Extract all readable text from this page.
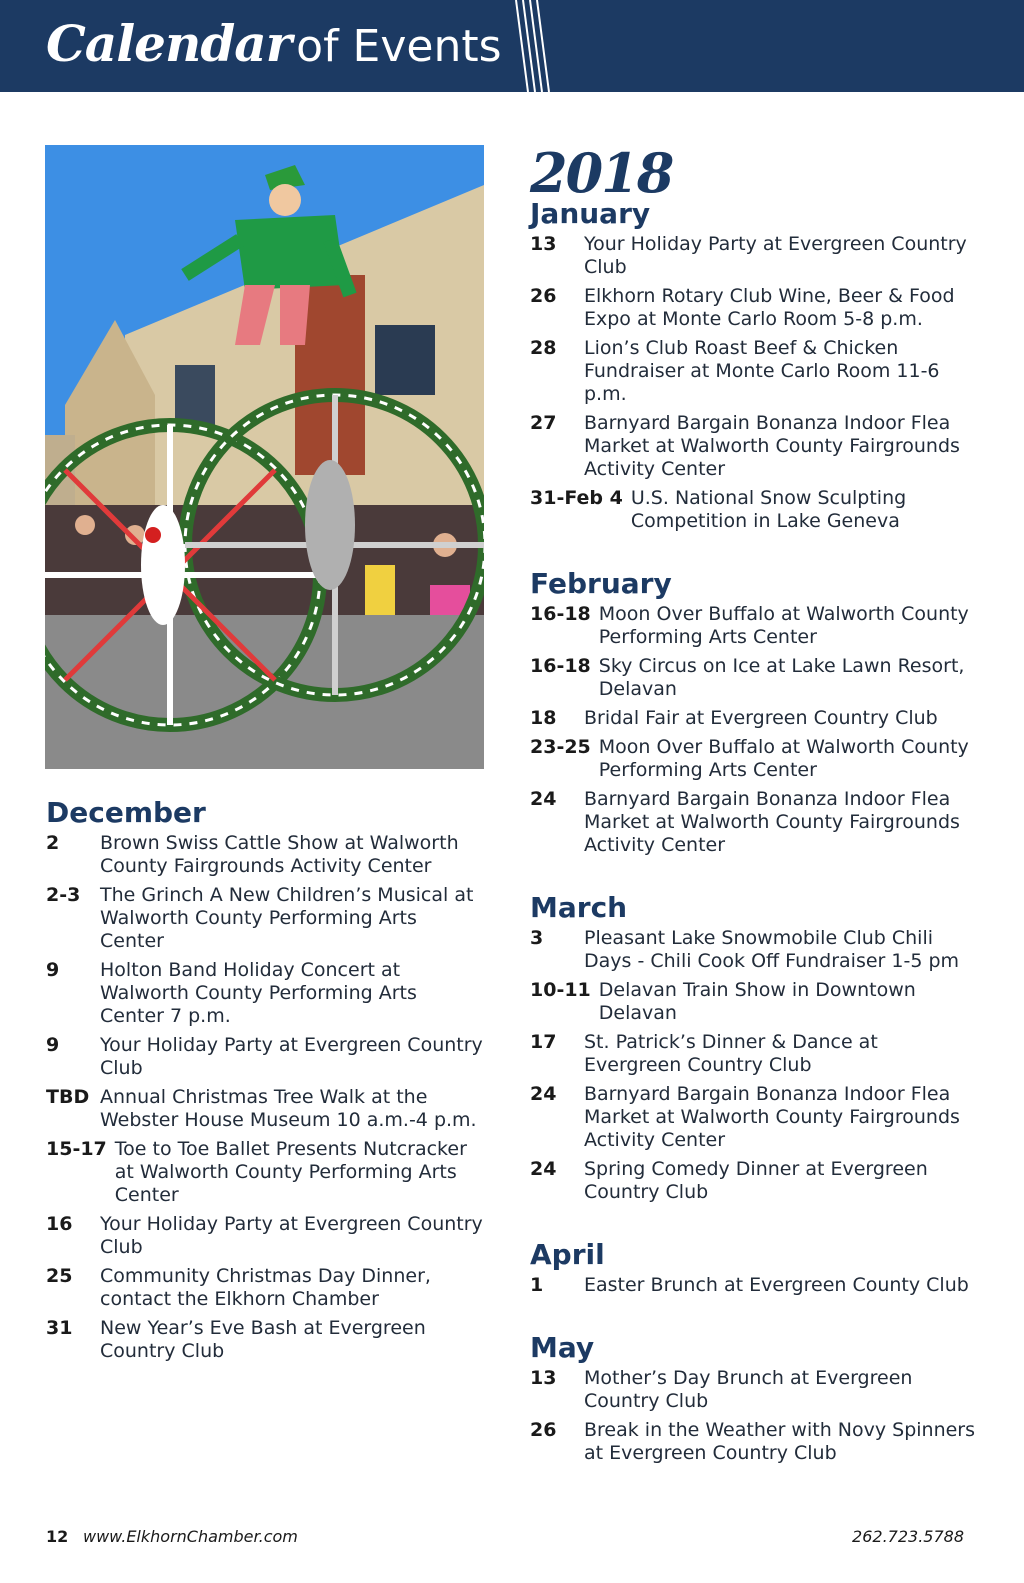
Calendar of Events
December
2	Brown Swiss Cattle Show at Walworth County Fairgrounds Activity Center
2-3	The Grinch A New Children’s Musical at Walworth County Performing Arts Center
9	Holton Band Holiday Concert at Walworth County Performing Arts Center 7 p.m.
9	Your Holiday Party at Evergreen Country Club
TBD Annual Christmas Tree Walk at the Webster House Museum 10 a.m.-4 p.m.
15-17 Toe to Toe Ballet Presents Nutcracker at Walworth County Performing Arts Center
16	Your Holiday Party at Evergreen Country Club
25	Community Christmas Day Dinner, contact the Elkhorn Chamber
31	New Year’s Eve Bash at Evergreen Country Club
2018
January
13	Your Holiday Party at Evergreen Country Club
26	Elkhorn Rotary Club Wine, Beer & Food Expo at Monte Carlo Room 5-8 p.m.
28	Lion’s Club Roast Beef & Chicken Fundraiser at Monte Carlo Room 11-6 p.m.
27	Barnyard Bargain Bonanza Indoor Flea Market at Walworth County Fairgrounds Activity Center
31-Feb 4 U.S. National Snow Sculpting Competition in Lake Geneva
February
16-18 Moon Over Buffalo at Walworth County Performing Arts Center
16-18 Sky Circus on Ice at Lake Lawn Resort, Delavan
18	Bridal Fair at Evergreen Country Club
23-25 Moon Over Buffalo at Walworth County Performing Arts Center
24	Barnyard Bargain Bonanza Indoor Flea Market at Walworth County Fairgrounds Activity Center
March
3	Pleasant Lake Snowmobile Club Chili Days - Chili Cook Off Fundraiser 1-5 pm
10-11 Delavan Train Show in Downtown Delavan
17	St. Patrick’s Dinner & Dance at Evergreen Country Club
24	Barnyard Bargain Bonanza Indoor Flea Market at Walworth County Fairgrounds Activity Center
24	Spring Comedy Dinner at Evergreen Country Club
April
1	Easter Brunch at Evergreen County Club
May
13	Mother’s Day Brunch at Evergreen Country Club
26	Break in the Weather with Novy Spinners at Evergreen Country Club
12 www.ElkhornChamber.com	262.723.5788
